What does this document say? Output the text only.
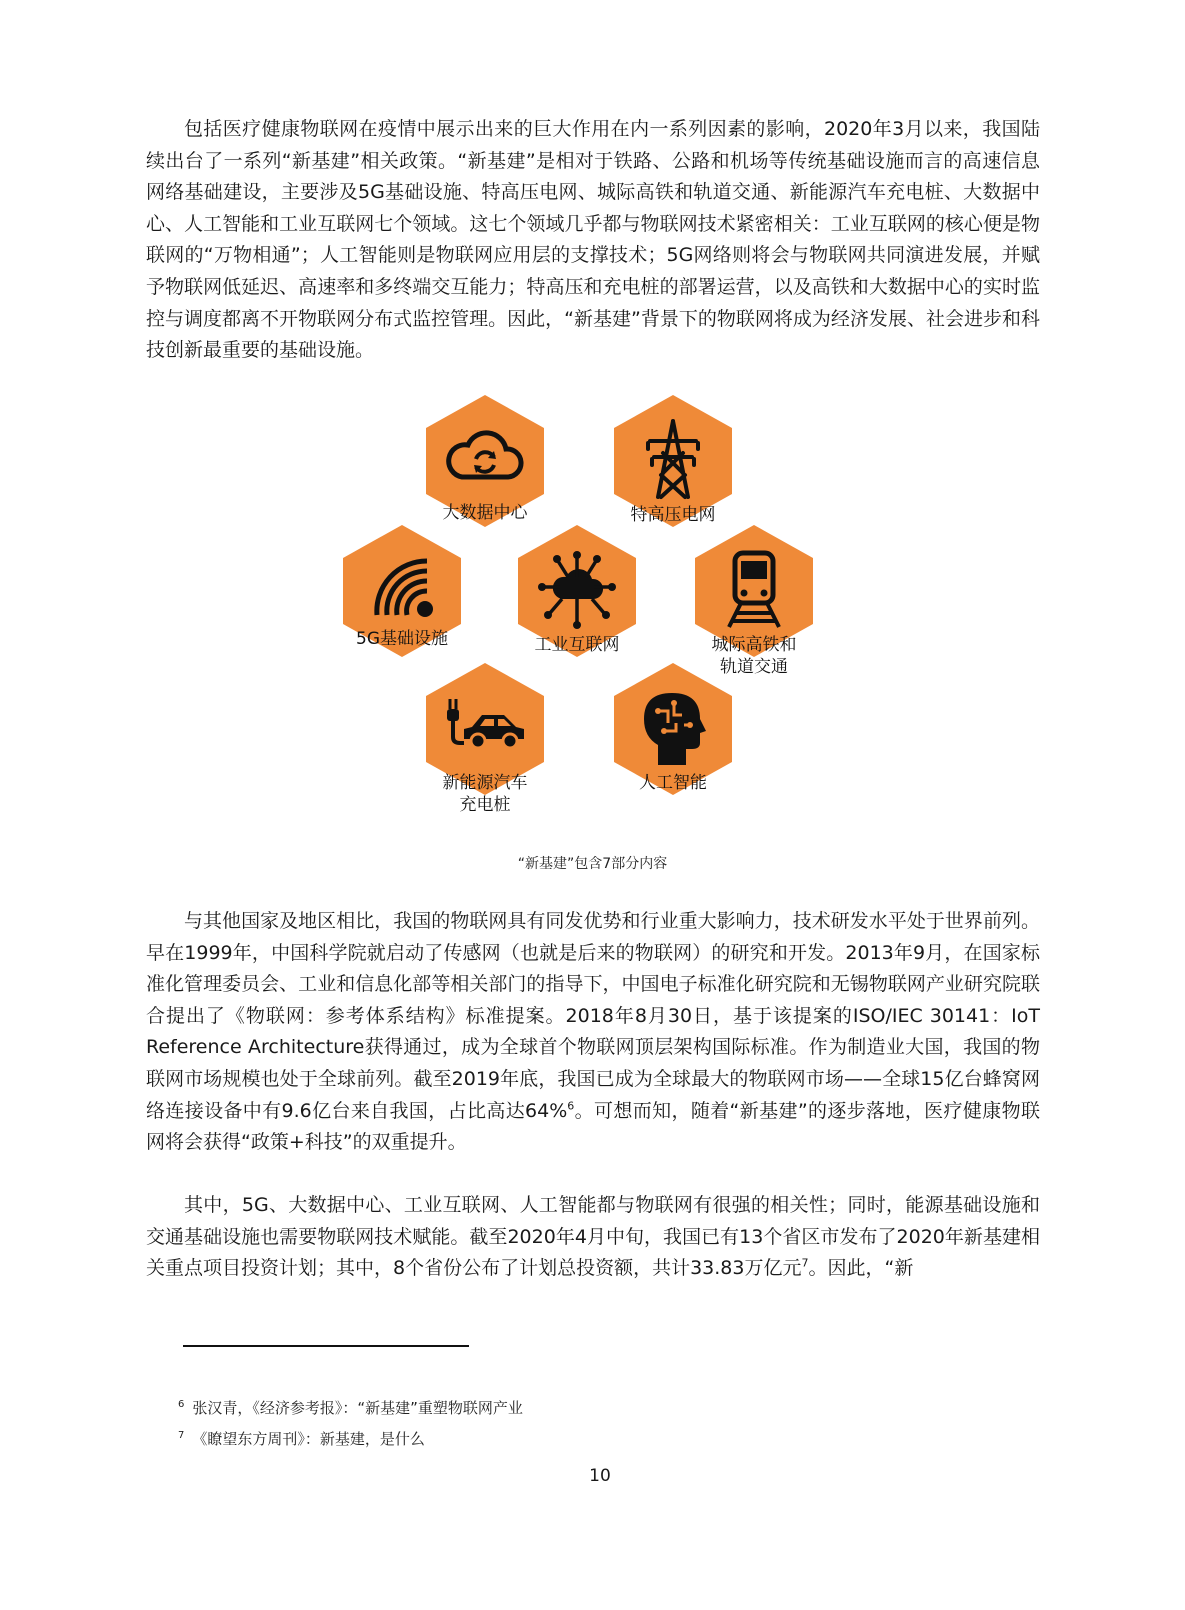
包括医疗健康物联网在疫情中展示出来的巨大作用在内一系列因素的影响，2020年3月以来，我国陆续出台了一系列“新基建”相关政策。“新基建”是相对于铁路、公路和机场等传统基础设施而言的高速信息网络基础建设，主要涉及5G基础设施、特高压电网、城际高铁和轨道交通、新能源汽车充电桩、大数据中心、人工智能和工业互联网七个领域。这七个领域几乎都与物联网技术紧密相关：工业互联网的核心便是物联网的“万物相通”；人工智能则是物联网应用层的支撑技术；5G网络则将会与物联网共同演进发展，并赋予物联网低延迟、高速率和多终端交互能力；特高压和充电桩的部署运营，以及高铁和大数据中心的实时监控与调度都离不开物联网分布式监控管理。因此，“新基建”背景下的物联网将成为经济发展、社会进步和科技创新最重要的基础设施。

大数据中心	特高压电网
5G基础设施	工业互联网	城际高铁和
轨道交通
新能源汽车
充电桩
人工智能
“新基建”包含7部分内容

与其他国家及地区相比，我国的物联网具有同发优势和行业重大影响力，技术研发水平处于世界前列。早在1999年，中国科学院就启动了传感网（也就是后来的物联网）的研究和开发。2013年9月，在国家标准化管理委员会、工业和信息化部等相关部门的指导下，中国电子标准化研究院和无锡物联网产业研究院联合提出了《物联网：参考体系结构》标准提案。2018年8月30日，基于该提案的ISO/IEC 30141：IoT Reference Architecture获得通过，成为全球首个物联网顶层架构国际标准。作为制造业大国，我国的物联网市场规模也处于全球前列。截至2019年底，我国已成为全球最大的物联网市场——全球15亿台蜂窝网络连接设备中有9.6亿台来自我国，占比高达64%$^6$。可想而知，随着“新基建”的逐步落地，医疗健康物联网将会获得“政策+科技”的双重提升。

其中，5G、大数据中心、工业互联网、人工智能都与物联网有很强的相关性；同时，能源基础设施和交通基础设施也需要物联网技术赋能。截至2020年4月中旬，我国已有13个省区市发布了2020年新基建相关重点项目投资计划；其中，8个省份公布了计划总投资额，共计33.83万亿元$^7$。因此，“新

$^6$ 张汉青，《经济参考报》：“新基建”重塑物联网产业
$^7$ 《瞭望东方周刊》：新基建，是什么
10
